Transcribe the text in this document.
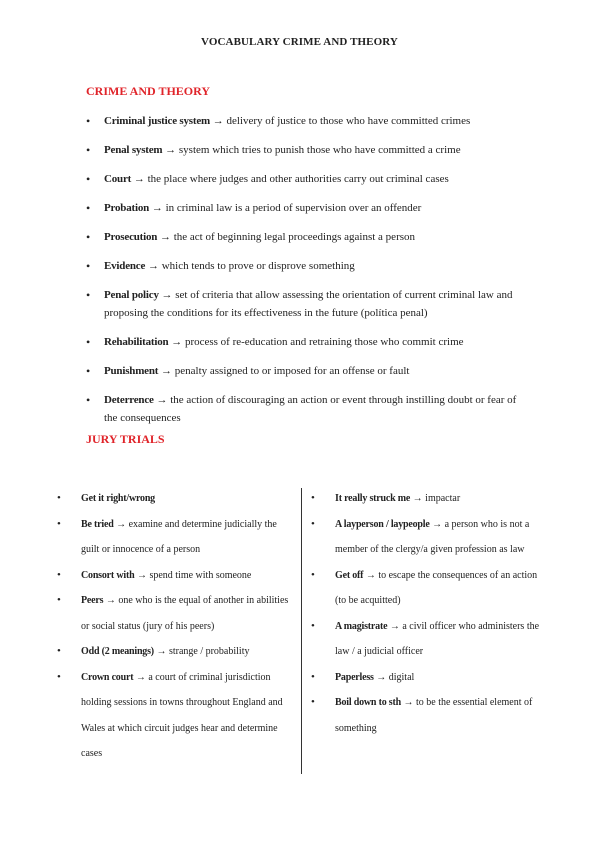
VOCABULARY CRIME AND THEORY
CRIME AND THEORY
• Criminal justice system → delivery of justice to those who have committed crimes
• Penal system → system which tries to punish those who have committed a crime
• Court → the place where judges and other authorities carry out criminal cases
• Probation → in criminal law is a period of supervision over an offender
• Prosecution → the act of beginning legal proceedings against a person
• Evidence → which tends to prove or disprove something
• Penal policy → set of criteria that allow assessing the orientation of current criminal law and proposing the conditions for its effectiveness in the future (política penal)
• Rehabilitation → process of re-education and retraining those who commit crime
• Punishment → penalty assigned to or imposed for an offense or fault
• Deterrence → the action of discouraging an action or event through instilling doubt or fear of the consequences
JURY TRIALS
• Get it right/wrong
• Be tried → examine and determine judicially the guilt or innocence of a person
• Consort with → spend time with someone
• Peers → one who is the equal of another in abilities or social status (jury of his peers)
• Odd (2 meanings) → strange / probability
• Crown court → a court of criminal jurisdiction holding sessions in towns throughout England and Wales at which circuit judges hear and determine cases
• It really struck me → impactar
• A layperson / laypeople → a person who is not a member of the clergy/a given profession as law
• Get off → to escape the consequences of an action (to be acquitted)
• A magistrate → a civil officer who administers the law / a judicial officer
• Paperless → digital
• Boil down to sth → to be the essential element of something
